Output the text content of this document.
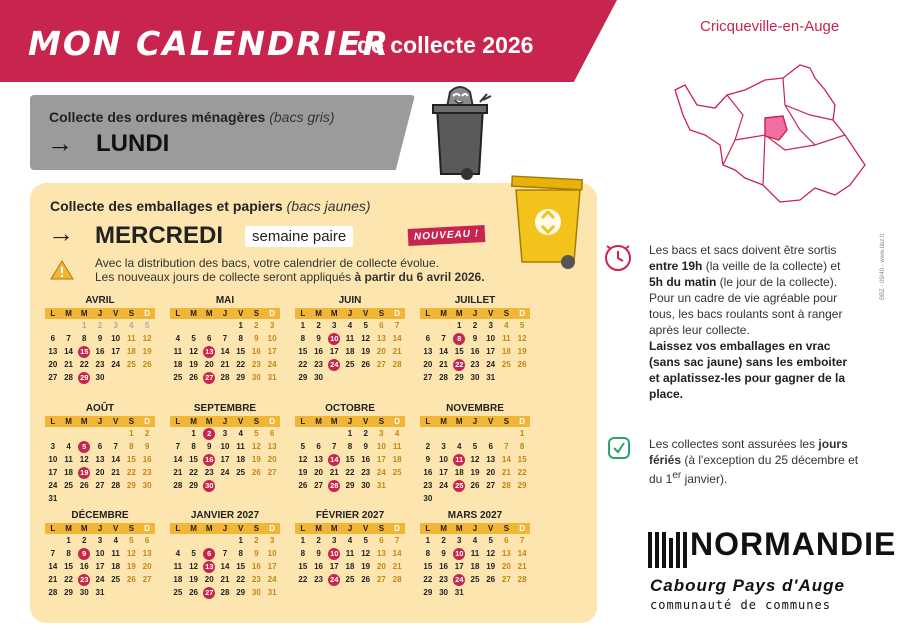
MON CALENDRIER
de collecte 2026
Cricqueville-en-Auge
Collecte des ordures ménagères (bacs gris)
→ LUNDI
Collecte des emballages et papiers (bacs jaunes)
→ MERCREDI	semaine paire	NOUVEAU !
Avec la distribution des bacs, votre calendrier de collecte évolue.
Les nouveaux jours de collecte seront appliqués à partir du 6 avril 2026.
AVRIL
L	M	M	J	V	S	D
		1	2	3	4	5
6	7	8	9	10	11	12
13	14	15	16	17	18	19
20	21	22	23	24	25	26
27	28	29	30			
MAI
L	M	M	J	V	S	D
				1	2	3
4	5	6	7	8	9	10
11	12	13	14	15	16	17
18	19	20	21	22	23	24
25	26	27	28	29	30	31
JUIN
L	M	M	J	V	S	D
1	2	3	4	5	6	7
8	9	10	11	12	13	14
15	16	17	18	19	20	21
22	23	24	25	26	27	28
29	30					
JUILLET
L	M	M	J	V	S	D
		1	2	3	4	5
6	7	8	9	10	11	12
13	14	15	16	17	18	19
20	21	22	23	24	25	26
27	28	29	30	31		
AOÛT
L	M	M	J	V	S	D
					1	2
3	4	5	6	7	8	9
10	11	12	13	14	15	16
17	18	19	20	21	22	23
24	25	26	27	28	29	30
31						
SEPTEMBRE
L	M	M	J	V	S	D
	1	2	3	4	5	6
7	8	9	10	11	12	13
14	15	16	17	18	19	20
21	22	23	24	25	26	27
28	29	30				
OCTOBRE
L	M	M	J	V	S	D
			1	2	3	4
5	6	7	8	9	10	11
12	13	14	15	16	17	18
19	20	21	22	23	24	25
26	27	28	29	30	31	
NOVEMBRE
L	M	M	J	V	S	D
						1
2	3	4	5	6	7	8
9	10	11	12	13	14	15
16	17	18	19	20	21	22
23	24	25	26	27	28	29
30						
DÉCEMBRE
L	M	M	J	V	S	D
	1	2	3	4	5	6
7	8	9	10	11	12	13
14	15	16	17	18	19	20
21	22	23	24	25	26	27
28	29	30	31			
JANVIER 2027
L	M	M	J	V	S	D
				1	2	3
4	5	6	7	8	9	10
11	12	13	14	15	16	17
18	19	20	21	22	23	24
25	26	27	28	29	30	31
FÉVRIER 2027
L	M	M	J	V	S	D
1	2	3	4	5	6	7
8	9	10	11	12	13	14
15	16	17	18	19	20	21
22	23	24	25	26	27	28
MARS 2027
L	M	M	J	V	S	D
1	2	3	4	5	6	7
8	9	10	11	12	13	14
15	16	17	18	19	20	21
22	23	24	25	26	27	28
29	30	31				
Les bacs et sacs doivent être sortis entre 19h (la veille de la collecte) et 5h du matin (le jour de la collecte). Pour un cadre de vie agréable pour tous, les bacs roulants sont à ranger après leur collecte.
Laissez vos emballages en vrac (sans sac jaune) sans les emboiter et aplatissez-les pour gagner de la place.
Les collectes sont assurées les jours fériés (à l'exception du 25 décembre et du 1er janvier).
BBZ - 09/40 - www.bbz.fr
NORMANDIE
Cabourg Pays d'Auge
communauté de communes
